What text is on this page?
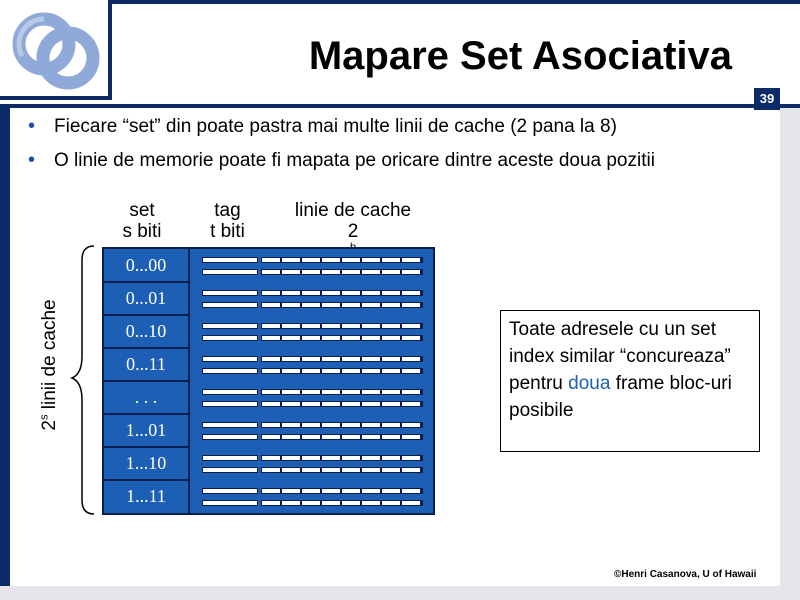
Mapare Set Asociativa
39
• Fiecare “set” din poate pastra mai multe linii de cache (2 pana la 8)
• O linie de memorie poate fi mapata pe oricare dintre aceste doua pozitii
set
s biti
tag
t biti
linie de cache
2
2$^s$ linii de cache
0...00
0...01
0...10
0...11
. . .
1...01
1...10
1...11
Toate adresele cu un set index similar “concureaza” pentru doua frame bloc-uri posibile
©Henri Casanova, U of Hawaii
